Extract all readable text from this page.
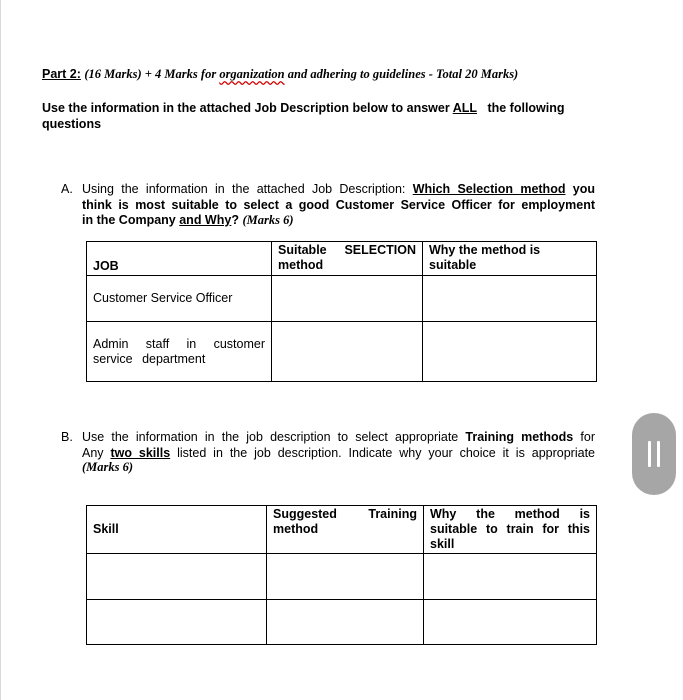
Part 2: (16 Marks) + 4 Marks for organization and adhering to guidelines - Total 20 Marks)

Use the information in the attached Job Description below to answer ALL the following
questions

A. Using the information in the attached Job Description: Which Selection method you
think is most suitable to select a good Customer Service Officer for employment
in the Company and Why? (Marks 6)
JOB	Suitable SELECTION method	Why the method is suitable

Customer Service Officer		

Admin staff in customer service department		

B. Use the information in the job description to select appropriate Training methods for
Any two skills listed in the job description. Indicate why your choice it is appropriate
(Marks 6)
Skill	Suggested Training method	Why the method is suitable to train for this skill
